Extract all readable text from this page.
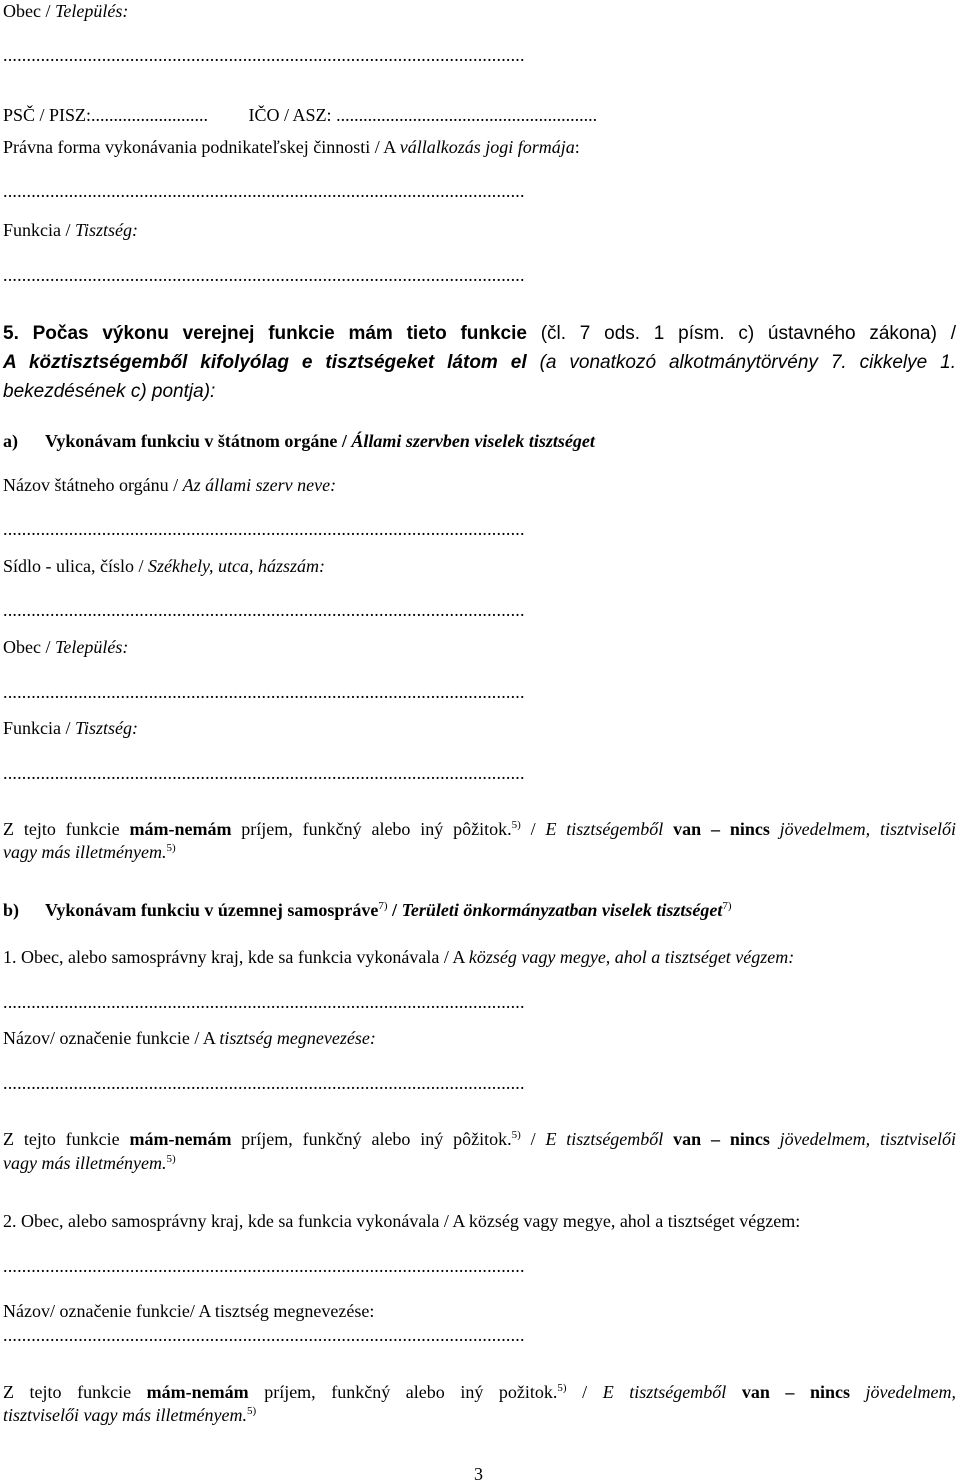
Obec / Település:
...............................................................................................................
PSČ / PISZ:.......................... IČO / ASZ: ..........................................................
Právna forma vykonávania podnikateľskej činnosti / A vállalkozás jogi formája:
...............................................................................................................
Funkcia / Tisztség:
...............................................................................................................
5. Počas výkonu verejnej funkcie mám tieto funkcie (čl. 7 ods. 1 písm. c) ústavného zákona) /
A köztisztségemből kifolyólag e tisztségeket látom el (a vonatkozó alkotmánytörvény 7. cikkelye 1.
bekezdésének c) pontja):
a) Vykonávam funkciu v štátnom orgáne / Állami szervben viselek tisztséget
Názov štátneho orgánu / Az állami szerv neve:
...............................................................................................................
Sídlo - ulica, číslo / Székhely, utca, házszám:
...............................................................................................................
Obec / Település:
...............................................................................................................
Funkcia / Tisztség:
...............................................................................................................
Z tejto funkcie mám-nemám príjem, funkčný alebo iný pôžitok.$^{5)}$ / E tisztségemből van – nincs jövedelmem, tisztviselői
vagy más illetményem.$^{5)}$
b) Vykonávam funkciu v územnej samospráve$^{7)}$ / Területi önkormányzatban viselek tisztséget$^{7)}$
1. Obec, alebo samosprávny kraj, kde sa funkcia vykonávala / A község vagy megye, ahol a tisztséget végzem:
...............................................................................................................
Názov/ označenie funkcie / A tisztség megnevezése:
...............................................................................................................
Z tejto funkcie mám-nemám príjem, funkčný alebo iný pôžitok.$^{5)}$ / E tisztségemből van – nincs jövedelmem, tisztviselői
vagy más illetményem.$^{5)}$
2. Obec, alebo samosprávny kraj, kde sa funkcia vykonávala / A község vagy megye, ahol a tisztséget végzem:
...............................................................................................................
Názov/ označenie funkcie/ A tisztség megnevezése:
...............................................................................................................
Z tejto funkcie mám-nemám príjem, funkčný alebo iný požitok.$^{5)}$ / E tisztségemből van – nincs jövedelmem,
tisztviselői vagy más illetményem.$^{5)}$
3
